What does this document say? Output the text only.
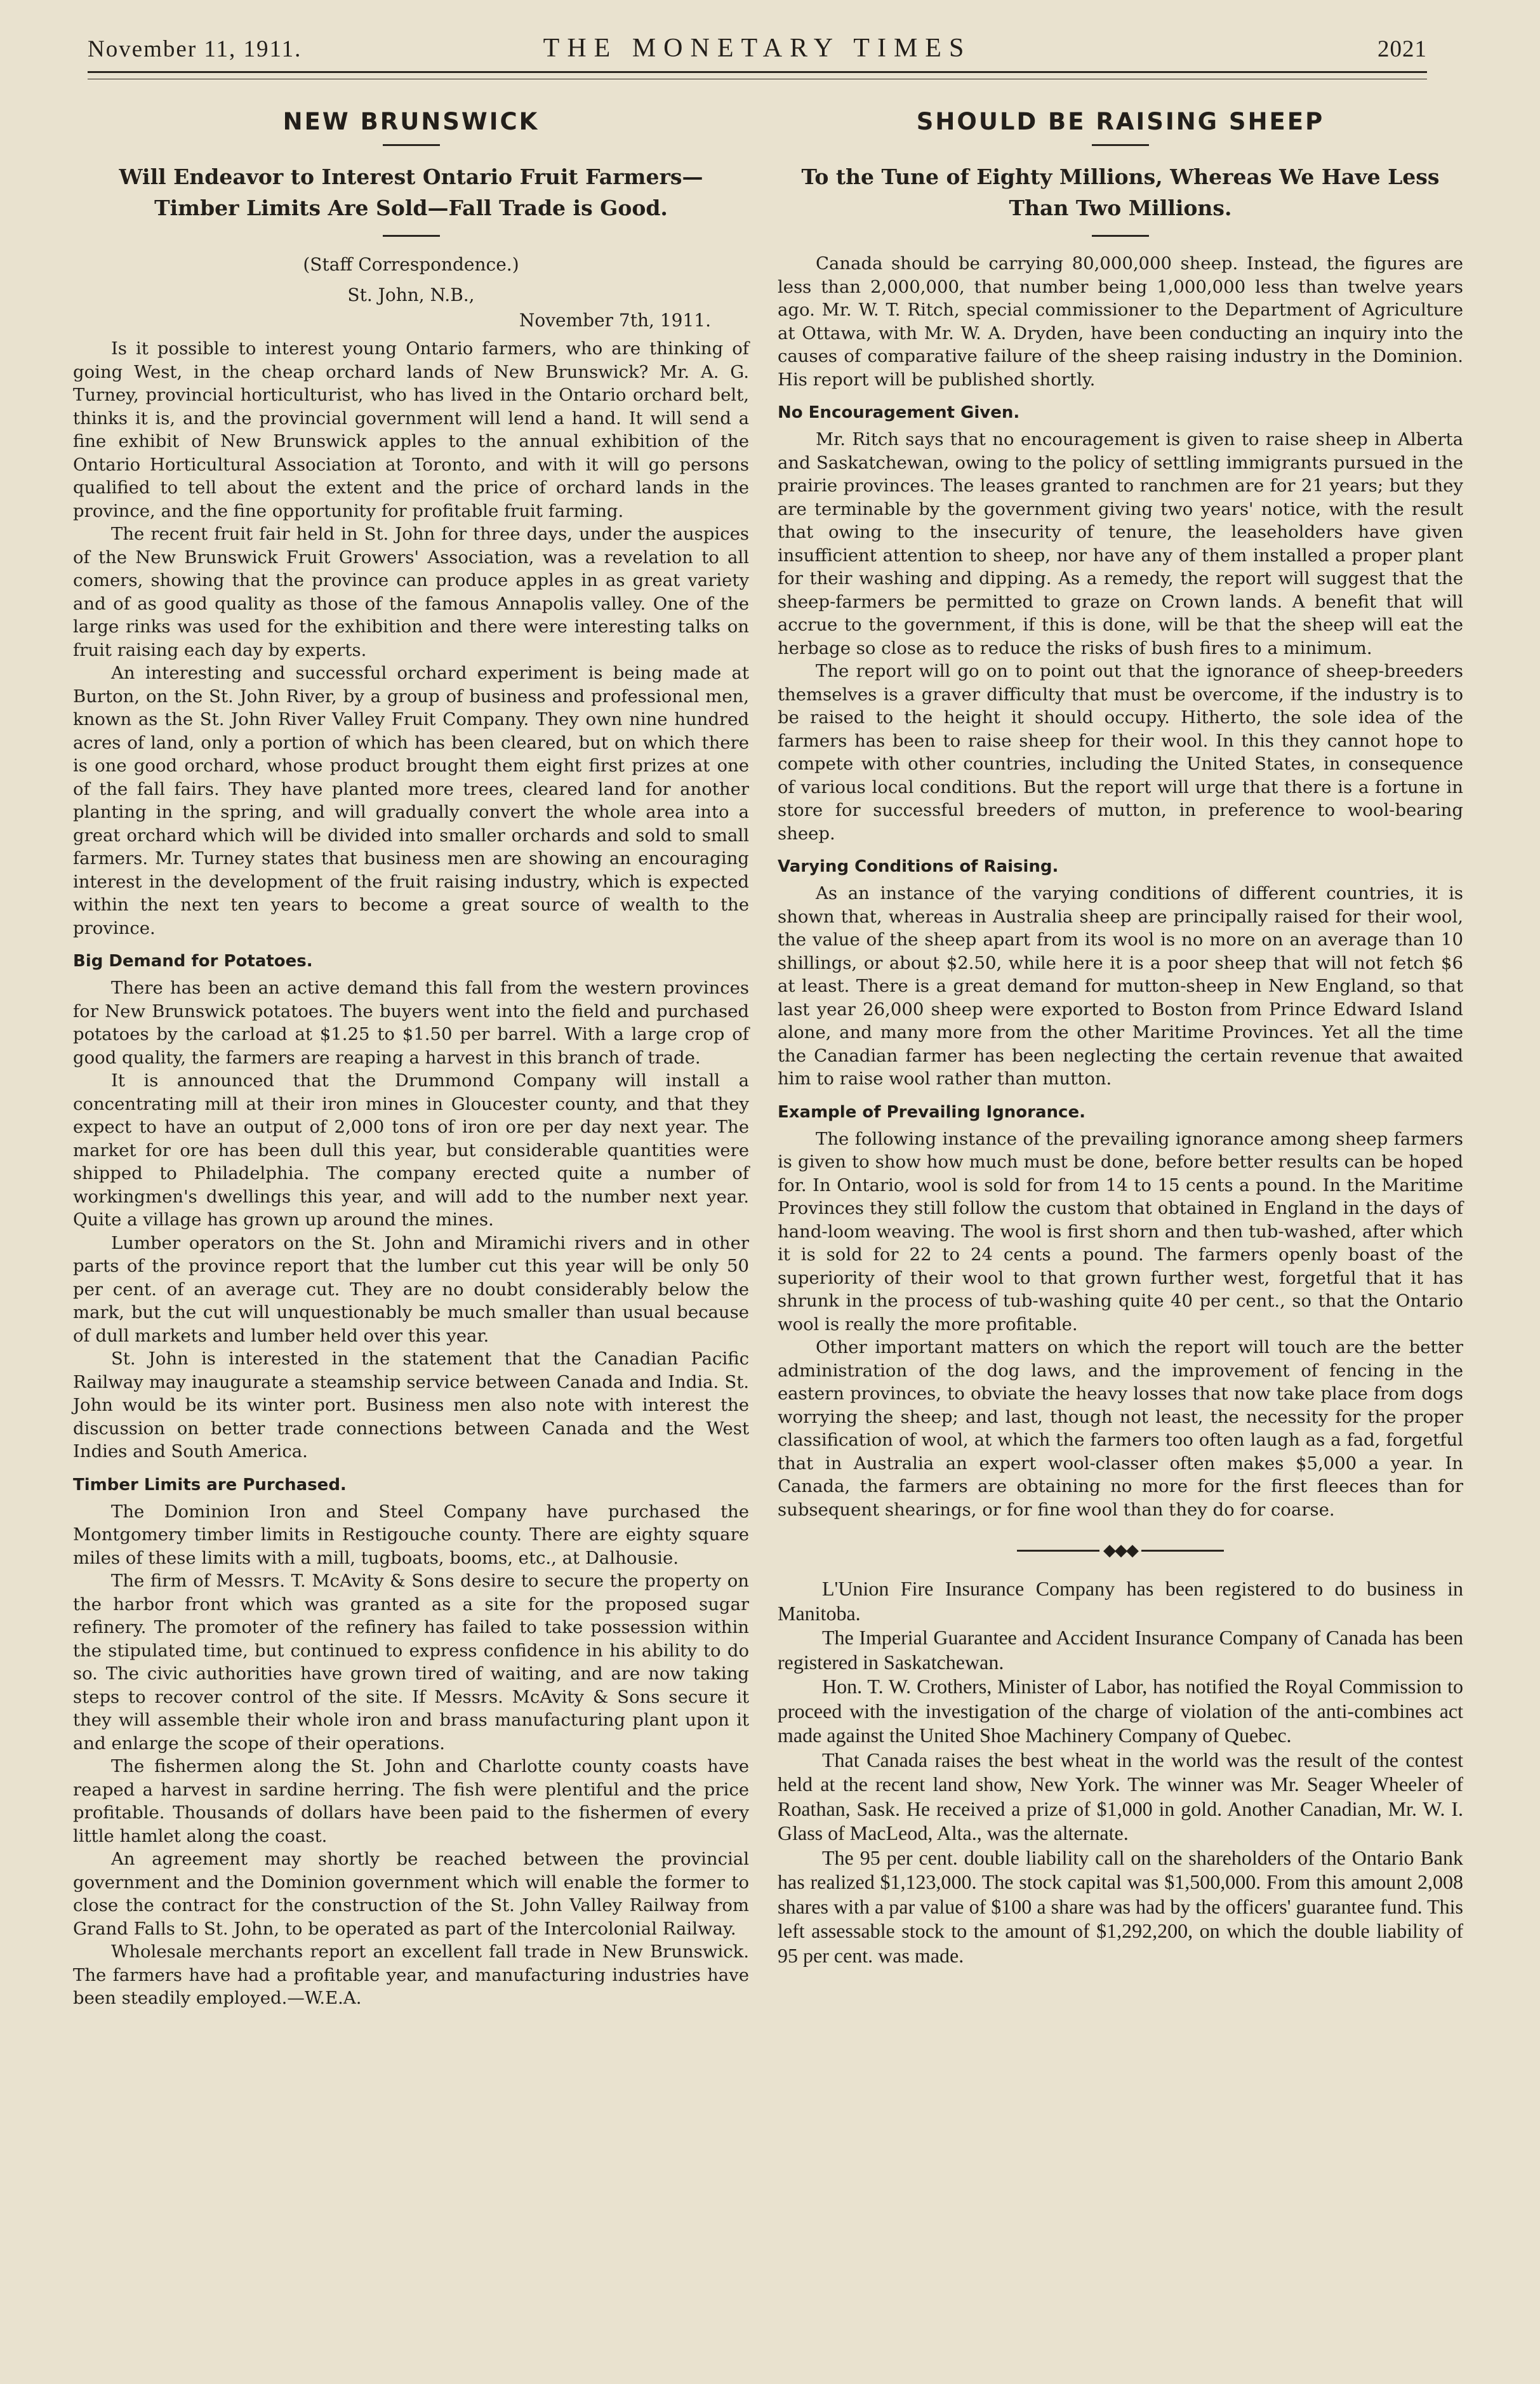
November 11, 1911.	THE MONETARY TIMES	2021
NEW BRUNSWICK
Will Endeavor to Interest Ontario Fruit Farmers—Timber Limits Are Sold—Fall Trade is Good.
(Staff Correspondence.)
St. John, N.B.,
November 7th, 1911.

Is it possible to interest young Ontario farmers, who are thinking of going West, in the cheap orchard lands of New Brunswick? Mr. A. G. Turney, provincial horticulturist, who has lived in the Ontario orchard belt, thinks it is, and the provincial government will lend a hand. It will send a fine exhibit of New Brunswick apples to the annual exhibition of the Ontario Horticultural Association at Toronto, and with it will go persons qualified to tell about the extent and the price of orchard lands in the province, and the fine opportunity for profitable fruit farming.

The recent fruit fair held in St. John for three days, under the auspices of the New Brunswick Fruit Growers' Association, was a revelation to all comers, showing that the province can produce apples in as great variety and of as good quality as those of the famous Annapolis valley. One of the large rinks was used for the exhibition and there were interesting talks on fruit raising each day by experts.

An interesting and successful orchard experiment is being made at Burton, on the St. John River, by a group of business and professional men, known as the St. John River Valley Fruit Company. They own nine hundred acres of land, only a portion of which has been cleared, but on which there is one good orchard, whose product brought them eight first prizes at one of the fall fairs. They have planted more trees, cleared land for another planting in the spring, and will gradually convert the whole area into a great orchard which will be divided into smaller orchards and sold to small farmers. Mr. Turney states that business men are showing an encouraging interest in the development of the fruit raising industry, which is expected within the next ten years to become a great source of wealth to the province.

Big Demand for Potatoes.

There has been an active demand this fall from the western provinces for New Brunswick potatoes. The buyers went into the field and purchased potatoes by the carload at $1.25 to $1.50 per barrel. With a large crop of good quality, the farmers are reaping a harvest in this branch of trade.

It is announced that the Drummond Company will install a concentrating mill at their iron mines in Gloucester county, and that they expect to have an output of 2,000 tons of iron ore per day next year. The market for ore has been dull this year, but considerable quantities were shipped to Philadelphia. The company erected quite a number of workingmen's dwellings this year, and will add to the number next year. Quite a village has grown up around the mines.

Lumber operators on the St. John and Miramichi rivers and in other parts of the province report that the lumber cut this year will be only 50 per cent. of an average cut. They are no doubt considerably below the mark, but the cut will unquestionably be much smaller than usual because of dull markets and lumber held over this year.

St. John is interested in the statement that the Canadian Pacific Railway may inaugurate a steamship service between Canada and India. St. John would be its winter port. Business men also note with interest the discussion on better trade connections between Canada and the West Indies and South America.

Timber Limits are Purchased.

The Dominion Iron and Steel Company have purchased the Montgomery timber limits in Restigouche county. There are eighty square miles of these limits with a mill, tugboats, booms, etc., at Dalhousie.

The firm of Messrs. T. McAvity & Sons desire to secure the property on the harbor front which was granted as a site for the proposed sugar refinery. The promoter of the refinery has failed to take possession within the stipulated time, but continued to express confidence in his ability to do so. The civic authorities have grown tired of waiting, and are now taking steps to recover control of the site. If Messrs. McAvity & Sons secure it they will assemble their whole iron and brass manufacturing plant upon it and enlarge the scope of their operations.

The fishermen along the St. John and Charlotte county coasts have reaped a harvest in sardine herring. The fish were plentiful and the price profitable. Thousands of dollars have been paid to the fishermen of every little hamlet along the coast.

An agreement may shortly be reached between the provincial government and the Dominion government which will enable the former to close the contract for the construction of the St. John Valley Railway from Grand Falls to St. John, to be operated as part of the Intercolonial Railway.

Wholesale merchants report an excellent fall trade in New Brunswick. The farmers have had a profitable year, and manufacturing industries have been steadily employed.—W.E.A.

SHOULD BE RAISING SHEEP
To the Tune of Eighty Millions, Whereas We Have Less Than Two Millions.

Canada should be carrying 80,000,000 sheep. Instead, the figures are less than 2,000,000, that number being 1,000,000 less than twelve years ago. Mr. W. T. Ritch, special commissioner to the Department of Agriculture at Ottawa, with Mr. W. A. Dryden, have been conducting an inquiry into the causes of comparative failure of the sheep raising industry in the Dominion. His report will be published shortly.

No Encouragement Given.

Mr. Ritch says that no encouragement is given to raise sheep in Alberta and Saskatchewan, owing to the policy of settling immigrants pursued in the prairie provinces. The leases granted to ranchmen are for 21 years; but they are terminable by the government giving two years' notice, with the result that owing to the insecurity of tenure, the leaseholders have given insufficient attention to sheep, nor have any of them installed a proper plant for their washing and dipping. As a remedy, the report will suggest that the sheep-farmers be permitted to graze on Crown lands. A benefit that will accrue to the government, if this is done, will be that the sheep will eat the herbage so close as to reduce the risks of bush fires to a minimum.

The report will go on to point out that the ignorance of sheep-breeders themselves is a graver difficulty that must be overcome, if the industry is to be raised to the height it should occupy. Hitherto, the sole idea of the farmers has been to raise sheep for their wool. In this they cannot hope to compete with other countries, including the United States, in consequence of various local conditions. But the report will urge that there is a fortune in store for successful breeders of mutton, in preference to wool-bearing sheep.

Varying Conditions of Raising.

As an instance of the varying conditions of different countries, it is shown that, whereas in Australia sheep are principally raised for their wool, the value of the sheep apart from its wool is no more on an average than 10 shillings, or about $2.50, while here it is a poor sheep that will not fetch $6 at least. There is a great demand for mutton-sheep in New England, so that last year 26,000 sheep were exported to Boston from Prince Edward Island alone, and many more from the other Maritime Provinces. Yet all the time the Canadian farmer has been neglecting the certain revenue that awaited him to raise wool rather than mutton.

Example of Prevailing Ignorance.

The following instance of the prevailing ignorance among sheep farmers is given to show how much must be done, before better results can be hoped for. In Ontario, wool is sold for from 14 to 15 cents a pound. In the Maritime Provinces they still follow the custom that obtained in England in the days of hand-loom weaving. The wool is first shorn and then tub-washed, after which it is sold for 22 to 24 cents a pound. The farmers openly boast of the superiority of their wool to that grown further west, forgetful that it has shrunk in the process of tub-washing quite 40 per cent., so that the Ontario wool is really the more profitable.

Other important matters on which the report will touch are the better administration of the dog laws, and the improvement of fencing in the eastern provinces, to obviate the heavy losses that now take place from dogs worrying the sheep; and last, though not least, the necessity for the proper classification of wool, at which the farmers too often laugh as a fad, forgetful that in Australia an expert wool-classer often makes $5,000 a year. In Canada, the farmers are obtaining no more for the first fleeces than for subsequent shearings, or for fine wool than they do for coarse.

◆◆◆

L'Union Fire Insurance Company has been registered to do business in Manitoba.

The Imperial Guarantee and Accident Insurance Company of Canada has been registered in Saskatchewan.

Hon. T. W. Crothers, Minister of Labor, has notified the Royal Commission to proceed with the investigation of the charge of violation of the anti-combines act made against the United Shoe Machinery Company of Quebec.

That Canada raises the best wheat in the world was the result of the contest held at the recent land show, New York. The winner was Mr. Seager Wheeler of Roathan, Sask. He received a prize of $1,000 in gold. Another Canadian, Mr. W. I. Glass of MacLeod, Alta., was the alternate.

The 95 per cent. double liability call on the shareholders of the Ontario Bank has realized $1,123,000. The stock capital was $1,500,000. From this amount 2,008 shares with a par value of $100 a share was had by the officers' guarantee fund. This left assessable stock to the amount of $1,292,200, on which the double liability of 95 per cent. was made.
